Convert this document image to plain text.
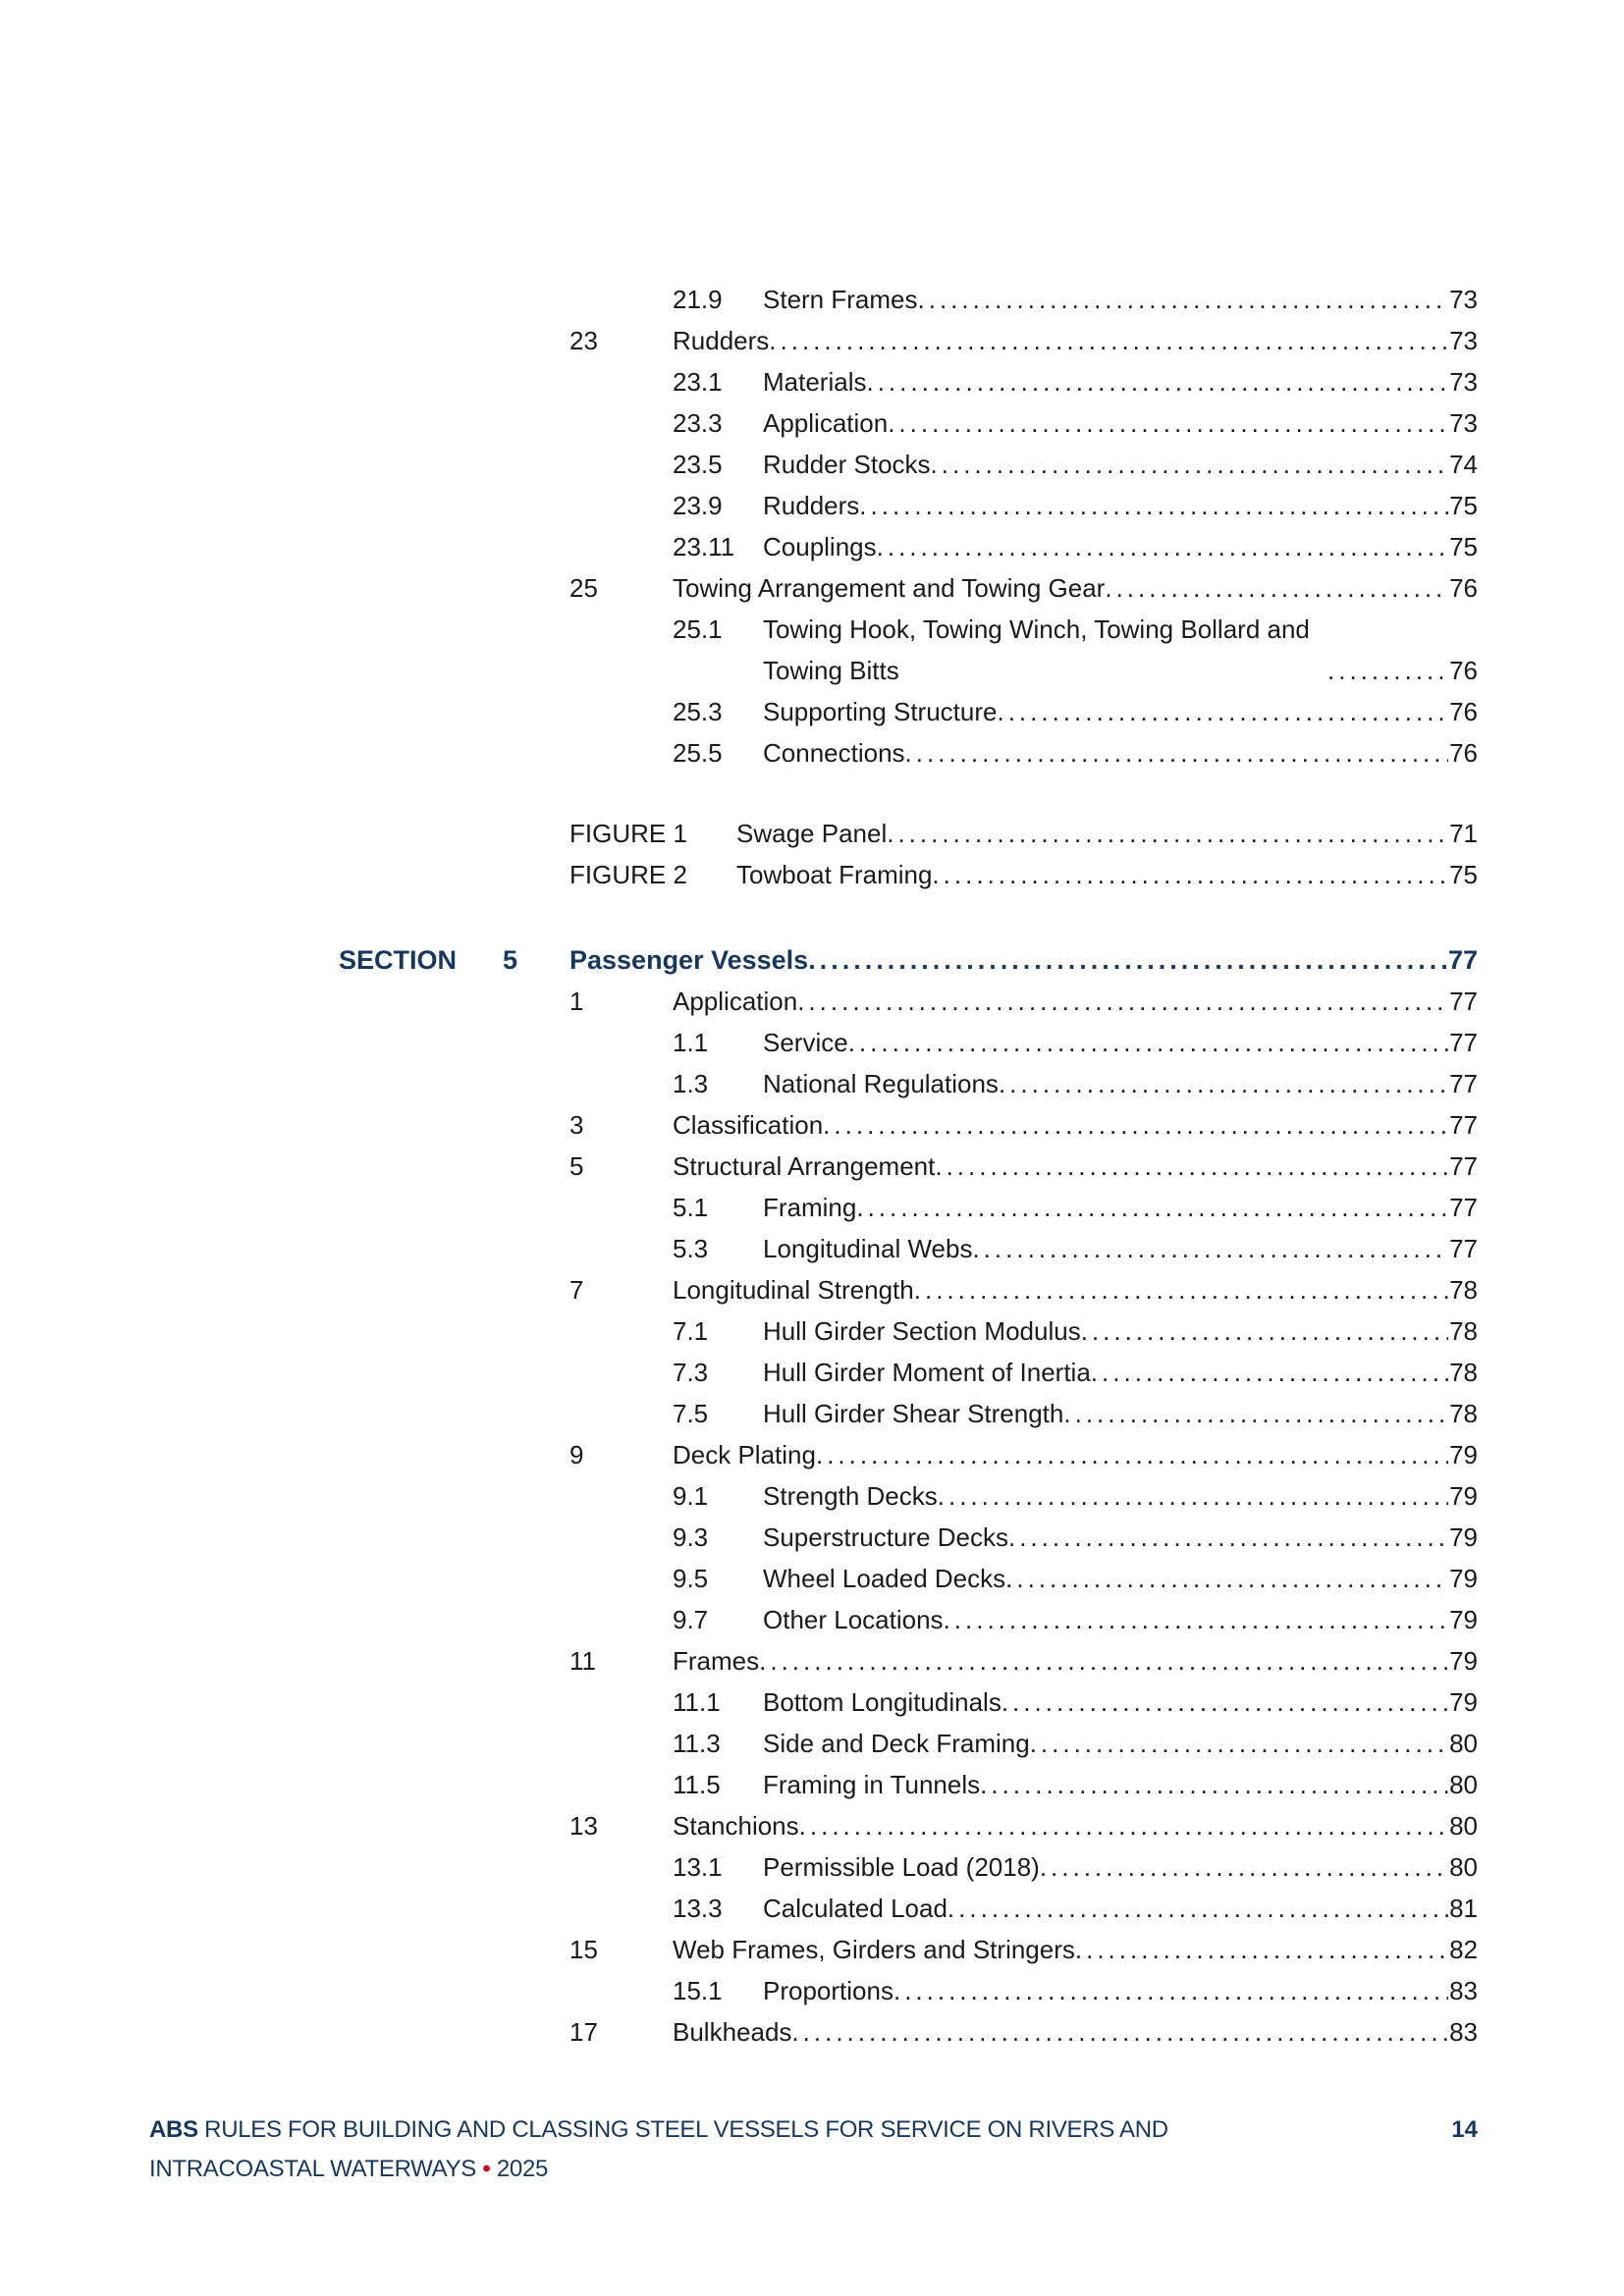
21.9	Stern Frames .....	73
23	Rudders .....	73
23.1	Materials .....	73
23.3	Application .....	73
23.5	Rudder Stocks .....	74
23.9	Rudders .....	75
23.11	Couplings .....	75
25	Towing Arrangement and Towing Gear .....	76
25.1	Towing Hook, Towing Winch, Towing Bollard and Towing Bitts .....	76
25.3	Supporting Structure .....	76
25.5	Connections .....	76
FIGURE 1	Swage Panel .....	71
FIGURE 2	Towboat Framing .....	75
SECTION	5	Passenger Vessels .....	77
1	Application .....	77
1.1	Service .....	77
1.3	National Regulations .....	77
3	Classification .....	77
5	Structural Arrangement .....	77
5.1	Framing .....	77
5.3	Longitudinal Webs .....	77
7	Longitudinal Strength .....	78
7.1	Hull Girder Section Modulus .....	78
7.3	Hull Girder Moment of Inertia .....	78
7.5	Hull Girder Shear Strength .....	78
9	Deck Plating .....	79
9.1	Strength Decks .....	79
9.3	Superstructure Decks .....	79
9.5	Wheel Loaded Decks .....	79
9.7	Other Locations .....	79
11	Frames .....	79
11.1	Bottom Longitudinals .....	79
11.3	Side and Deck Framing .....	80
11.5	Framing in Tunnels .....	80
13	Stanchions .....	80
13.1	Permissible Load (2018) .....	80
13.3	Calculated Load .....	81
15	Web Frames, Girders and Stringers .....	82
15.1	Proportions .....	83
17	Bulkheads .....	83
ABS RULES FOR BUILDING AND CLASSING STEEL VESSELS FOR SERVICE ON RIVERS AND INTRACOASTAL WATERWAYS • 2025
14
